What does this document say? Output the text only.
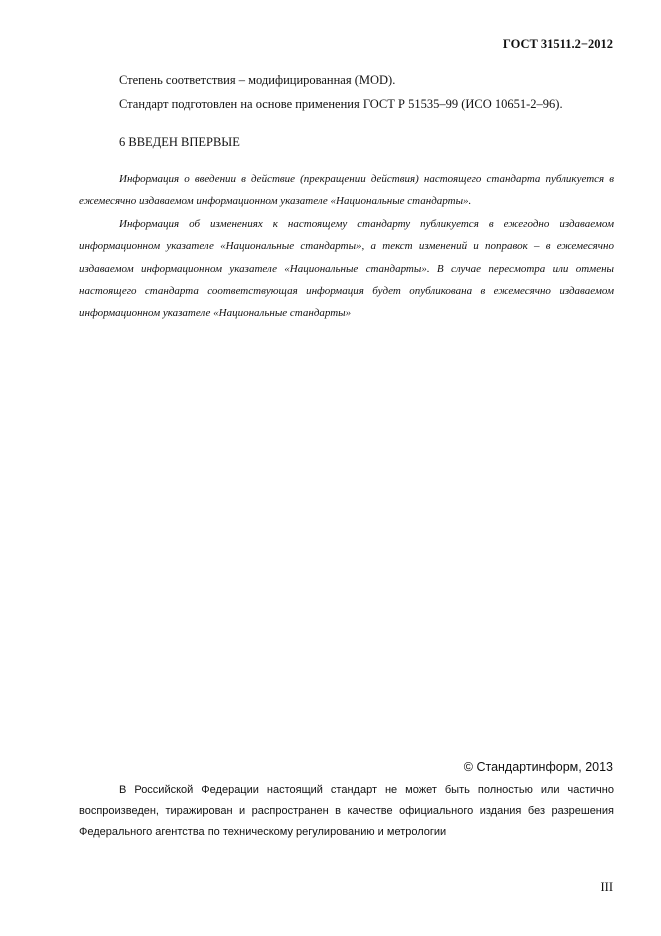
ГОСТ 31511.2−2012
Степень соответствия – модифицированная (MOD).
Стандарт подготовлен на основе применения ГОСТ Р 51535–99 (ИСО 10651-2–96).
6 ВВЕДЕН ВПЕРВЫЕ

Информация о введении в действие (прекращении действия) настоящего стандарта публикуется в ежемесячно издаваемом информационном указателе «Национальные стандарты».

Информация об изменениях к настоящему стандарту публикуется в ежегодно издаваемом информационном указателе «Национальные стандарты», а текст изменений и поправок – в ежемесячно издаваемом информационном указателе «Национальные стандарты». В случае пересмотра или отмены настоящего стандарта соответствующая информация будет опубликована в ежемесячно издаваемом информационном указателе «Национальные стандарты»

© Стандартинформ, 2013
В Российской Федерации настоящий стандарт не может быть полностью или частично воспроизведен, тиражирован и распространен в качестве официального издания без разрешения Федерального агентства по техническому регулированию и метрологии
III
